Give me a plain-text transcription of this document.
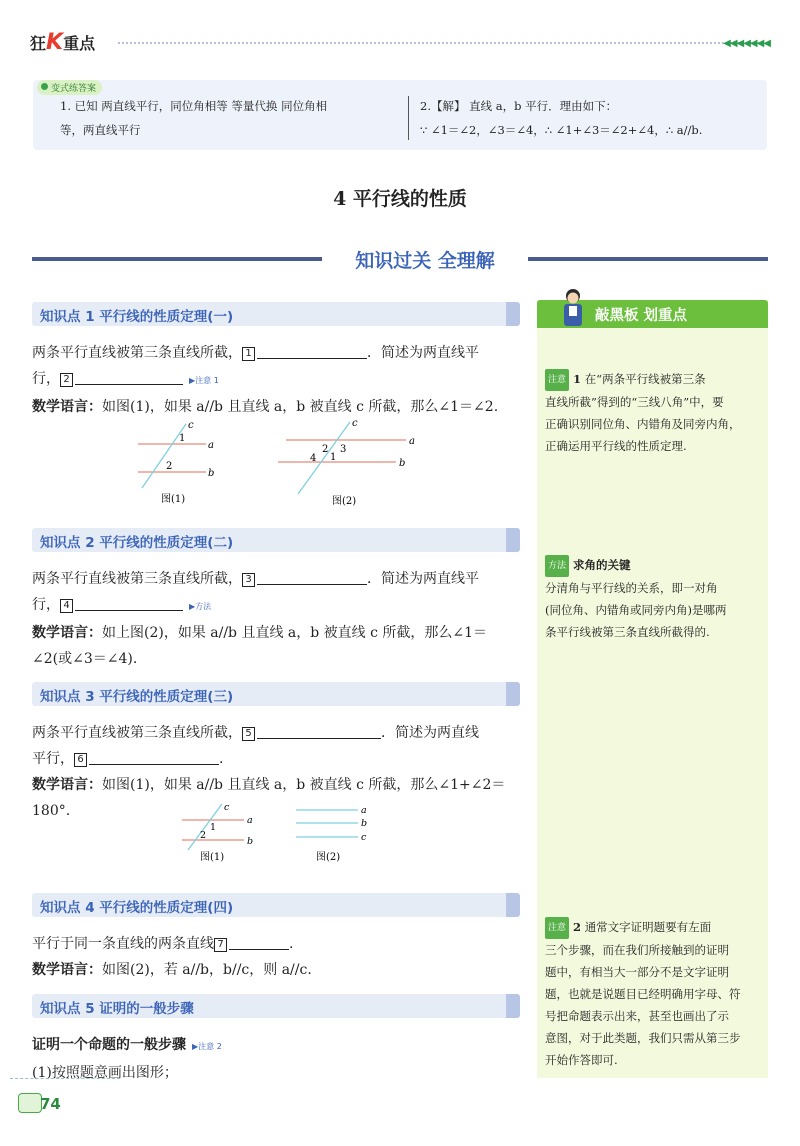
狂K重点	◀◀◀◀◀◀◀
变式练答案
1. 已知 两直线平行，同位角相等 等量代换 同位角相
等，两直线平行
2.【解】 直线 a，b 平行．理由如下：
∵ ∠1＝∠2，∠3＝∠4，∴ ∠1+∠3＝∠2+∠4，∴ a//b.
4 平行线的性质
知识过关 全理解
知识点 1 平行线的性质定理(一)
两条平行直线被第三条直线所截， 1	．简述为两直线平
行， 2	▶注意 1
数学语言：如图(1)，如果 a//b 且直线 a，b 被直线 c 所截，那么∠1＝∠2.
c
a
b
1
2
图(1)
c
a
b
2 3
4 1
图(2)
知识点 2 平行线的性质定理(二)
两条平行直线被第三条直线所截， 3	．简述为两直线平
行， 4	▶方法
数学语言：如上图(2)，如果 a//b 且直线 a，b 被直线 c 所截，那么∠1＝
∠2(或∠3＝∠4).
知识点 3 平行线的性质定理(三)
两条平行直线被第三条直线所截， 5	．简述为两直线
平行， 6	.
数学语言：如图(1)，如果 a//b 且直线 a，b 被直线 c 所截，那么∠1+∠2＝180°.	c
a
b
1
2
图(1)
a
b
c
图(2)
知识点 4 平行线的性质定理(四)
平行于同一条直线的两条直线 7	.
数学语言：如图(2)，若 a//b，b//c，则 a//c.
知识点 5 证明的一般步骤
证明一个命题的一般步骤 ▶注意 2
(1)按照题意画出图形；
敲黑板 划重点
注意 1 在“两条平行线被第三条
直线所截”得到的“三线八角”中，要
正确识别同位角、内错角及同旁内角，
正确运用平行线的性质定理.
方法 求角的关键
分清角与平行线的关系，即一对角
(同位角、内错角或同旁内角)是哪两
条平行线被第三条直线所截得的.
注意 2 通常文字证明题要有左面
三个步骤，而在我们所接触到的证明
题中，有相当大一部分不是文字证明
题，也就是说题目已经明确用字母、符
号把命题表示出来，甚至也画出了示
意图，对于此类题，我们只需从第三步
开始作答即可.
74
